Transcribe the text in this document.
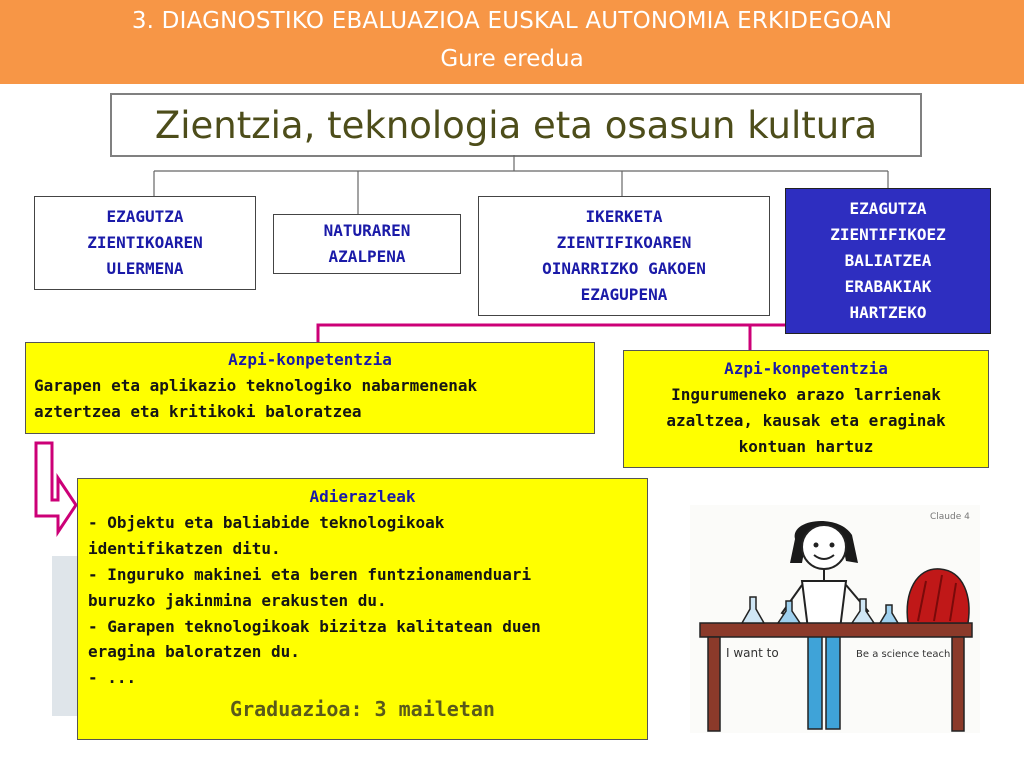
3. DIAGNOSTIKO EBALUAZIOA EUSKAL AUTONOMIA ERKIDEGOAN
Gure eredua
Zientzia, teknologia eta osasun kultura
EZAGUTZA
ZIENTIKOAREN
ULERMENA
NATURAREN
AZALPENA
IKERKETA
ZIENTIFIKOAREN
OINARRIZKO GAKOEN
EZAGUPENA
EZAGUTZA
ZIENTIFIKOEZ
BALIATZEA
ERABAKIAK
HARTZEKO
Azpi-konpetentzia
Garapen eta aplikazio teknologiko nabarmenenak
aztertzea eta kritikoki baloratzea
Azpi-konpetentzia
Ingurumeneko arazo larrienak
azaltzea, kausak eta eraginak
kontuan hartuz
Adierazleak
- Objektu eta baliabide teknologikoak
identifikatzen ditu.
- Inguruko makinei eta beren funtzionamenduari
buruzko jakinmina erakusten du.
- Garapen teknologikoak bizitza kalitatean duen
eragina baloratzen du.
- ...
Graduazioa: 3 mailetan
Claude 4
I want to	Be a science teach
